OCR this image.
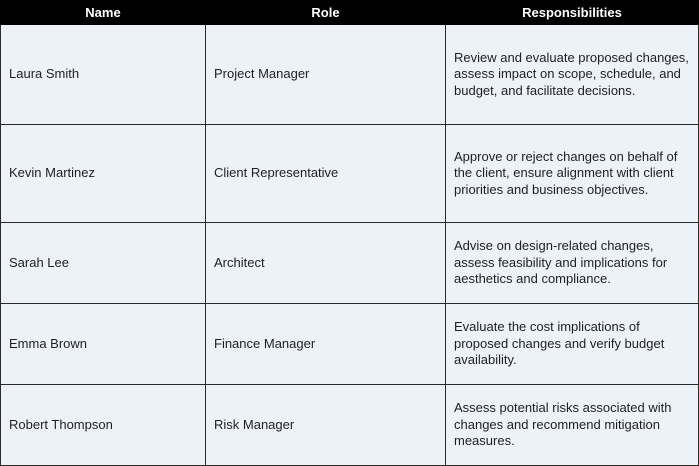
Name	Role	Responsibilities
Laura Smith	Project Manager	Review and evaluate proposed changes, assess impact on scope, schedule, and budget, and facilitate decisions.
Kevin Martinez	Client Representative	Approve or reject changes on behalf of the client, ensure alignment with client priorities and business objectives.
Sarah Lee	Architect	Advise on design-related changes, assess feasibility and implications for aesthetics and compliance.
Emma Brown	Finance Manager	Evaluate the cost implications of proposed changes and verify budget availability.
Robert Thompson	Risk Manager	Assess potential risks associated with changes and recommend mitigation measures.
